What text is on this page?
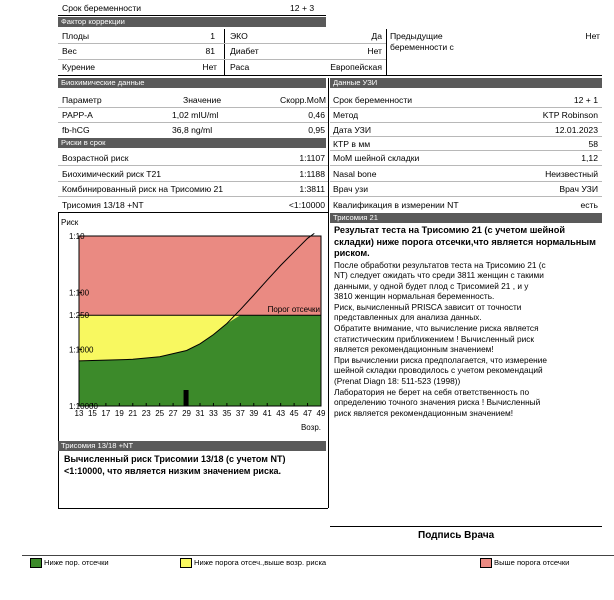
Срок беременности	12 + 3
Фактор коррекции
Плоды	1
Вес	81
Курение	Нет
ЭКО	Да
Диабет	Нет
Раса	Европейская
Предыдущие беременности с
Нет
Биохимические данные	Данные УЗИ
Параметр	Значение	Скорр.МоМ
PAPP-A	1,02 mIU/ml	0,46
fb-hCG	36,8 ng/ml	0,95
Риски в срок
Возрастной риск	1:1107
Биохимический риск T21	1:1188
Комбинированный риск на Трисомию 21	1:3811
Трисомия 13/18 +NT	<1:10000
Срок беременности	12 + 1
Метод	KTP Robinson
Дата УЗИ	12.01.2023
КТР в мм	58
МоМ шейной складки	1,12
Nasal bone	Неизвестный
Врач узи	Врач УЗИ
Квалификация в измерении NT	есть
Трисомия 21
Результат теста на Трисомию 21 (с учетом шейной складки) ниже порога отсечки,что является нормальным риском.
После обработки результатов теста на Трисомию 21 (с
NT) следует ожидать что среди 3811 женщин с такими
данными, у одной будет плод с Трисомией 21 , и у
3810 женщин нормальная беременность.
Риск, вычисленный PRISCA зависит от точности
представленных для анализа данных.
Обратите внимание, что вычисление риска является
статистическим приближением ! Вычисленный риск
является рекомендационным значением!
При вычислении риска предполагается, что измерение
шейной складки проводилось с учетом рекомендаций
(Prenat Diagn 18: 511-523 (1998))
Лаборатория не берет на себя ответственность по
определению точного значения риска ! Вычисленный
риск является рекомендационным значением!
1:10
1:100
1:250
1:1000
1:10000
Риск
13 15 17 19 21 23 25 27 29 31 33 35 37 39 41 43 45 47 49
Возр.
Порог отсечки
Трисомия 13/18 +NT
Вычисленный риск Трисомии 13/18 (с учетом NT)
<1:10000, что является низким значением риска.
Подпись Врача
Ниже пор. отсечки	Ниже порога отсеч.,выше возр. риска	Выше порога отсечки
